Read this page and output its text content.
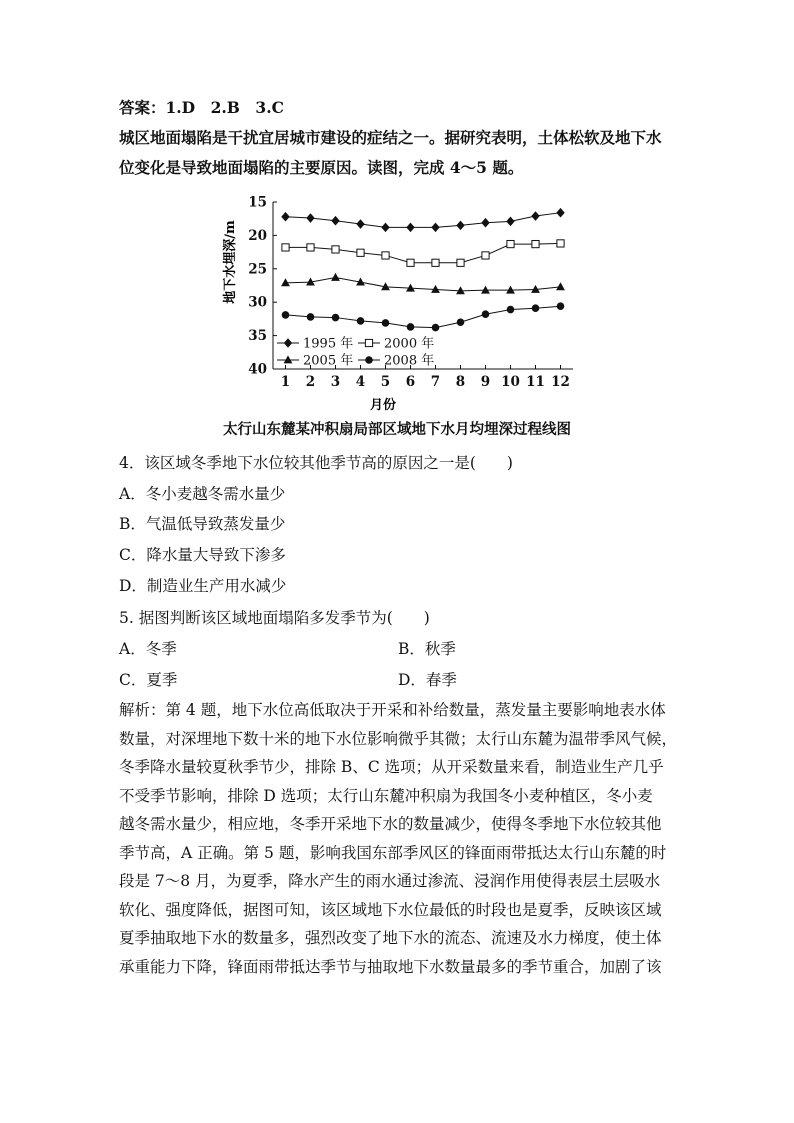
答案：1.D　2.B　3.C
城区地面塌陷是干扰宜居城市建设的症结之一。据研究表明，土体松软及地下水
位变化是导致地面塌陷的主要原因。读图，完成 4～5 题。
15
20
25
30
35
40
1 2 3 4 5 6 7 8 9 10 11 12
1995 年 2000 年
2005 年 2008 年
地下水埋深/m
月份
太行山东麓某冲积扇局部区域地下水月均埋深过程线图
4．该区域冬季地下水位较其他季节高的原因之一是(　　)
A．冬小麦越冬需水量少
B．气温低导致蒸发量少
C．降水量大导致下渗多
D．制造业生产用水减少
5. 据图判断该区域地面塌陷多发季节为(　　)
A．冬季	B．秋季
C．夏季	D．春季
解析：第 4 题，地下水位高低取决于开采和补给数量，蒸发量主要影响地表水体
数量，对深埋地下数十米的地下水位影响微乎其微；太行山东麓为温带季风气候，
冬季降水量较夏秋季节少，排除 B、C 选项；从开采数量来看，制造业生产几乎
不受季节影响，排除 D 选项；太行山东麓冲积扇为我国冬小麦种植区，冬小麦
越冬需水量少，相应地，冬季开采地下水的数量减少，使得冬季地下水位较其他
季节高，A 正确。第 5 题，影响我国东部季风区的锋面雨带抵达太行山东麓的时
段是 7～8 月，为夏季，降水产生的雨水通过渗流、浸润作用使得表层土层吸水
软化、强度降低，据图可知，该区域地下水位最低的时段也是夏季，反映该区域
夏季抽取地下水的数量多，强烈改变了地下水的流态、流速及水力梯度，使土体
承重能力下降，锋面雨带抵达季节与抽取地下水数量最多的季节重合，加剧了该
